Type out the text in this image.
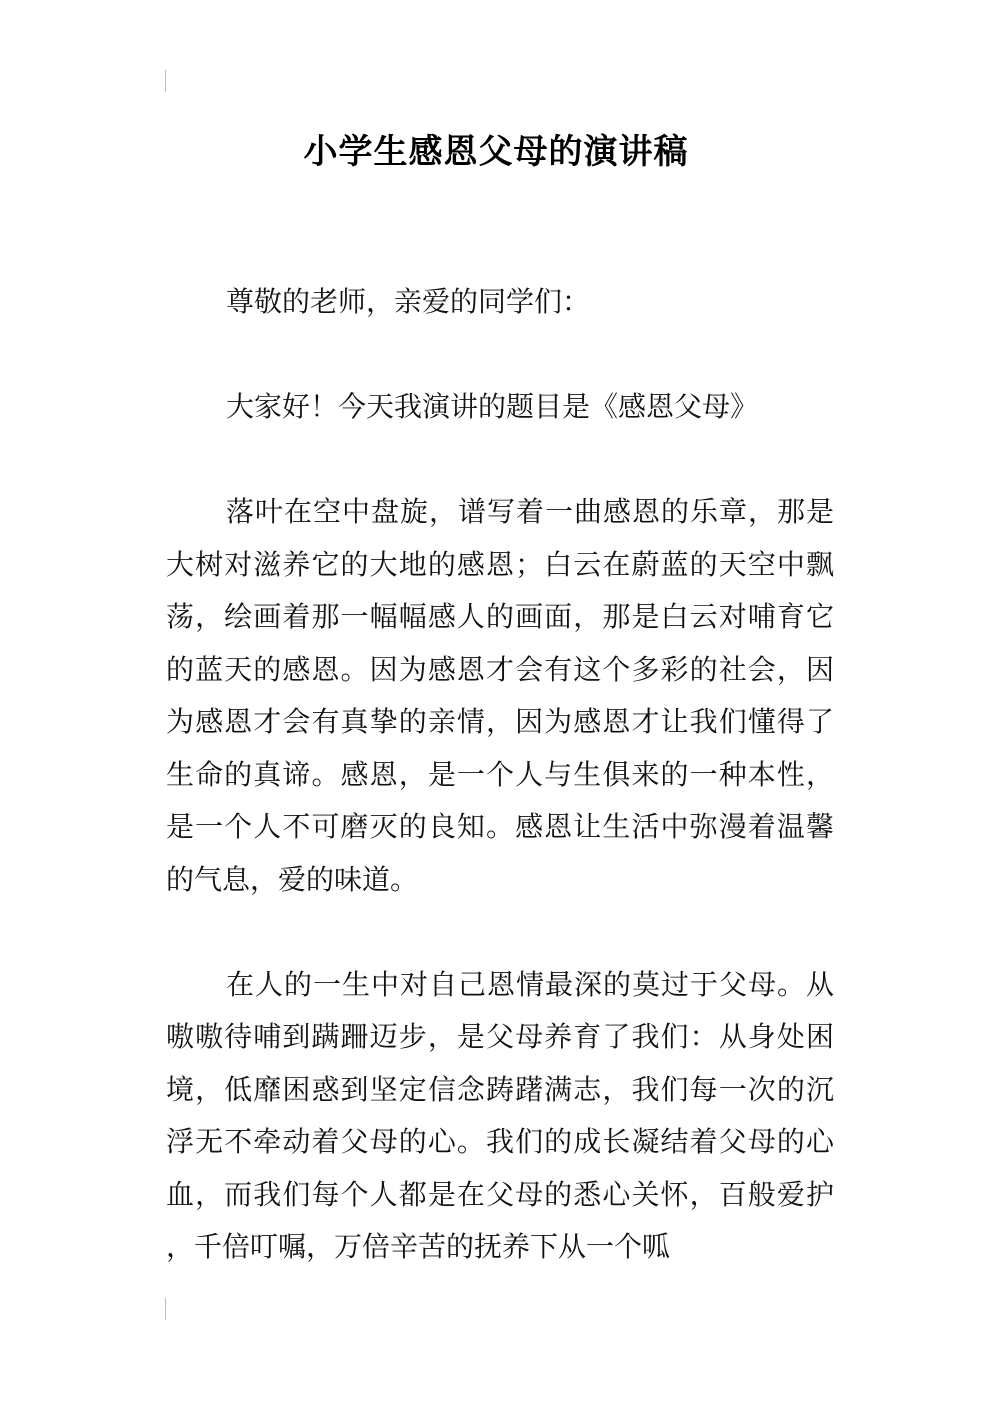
小学生感恩父母的演讲稿

尊敬的老师，亲爱的同学们：

大家好！今天我演讲的题目是《感恩父母》

落叶在空中盘旋，谱写着一曲感恩的乐章，那是大树对滋养它的大地的感恩；白云在蔚蓝的天空中飘荡，绘画着那一幅幅感人的画面，那是白云对哺育它的蓝天的感恩。因为感恩才会有这个多彩的社会，因为感恩才会有真挚的亲情，因为感恩才让我们懂得了生命的真谛。感恩，是一个人与生俱来的一种本性，是一个人不可磨灭的良知。感恩让生活中弥漫着温馨的气息，爱的味道。

在人的一生中对自己恩情最深的莫过于父母。从嗷嗷待哺到蹒跚迈步，是父母养育了我们：从身处困境，低靡困惑到坚定信念踌躇满志，我们每一次的沉浮无不牵动着父母的心。我们的成长凝结着父母的心血，而我们每个人都是在父母的悉心关怀，百般爱护，千倍叮嘱，万倍辛苦的抚养下从一个呱
